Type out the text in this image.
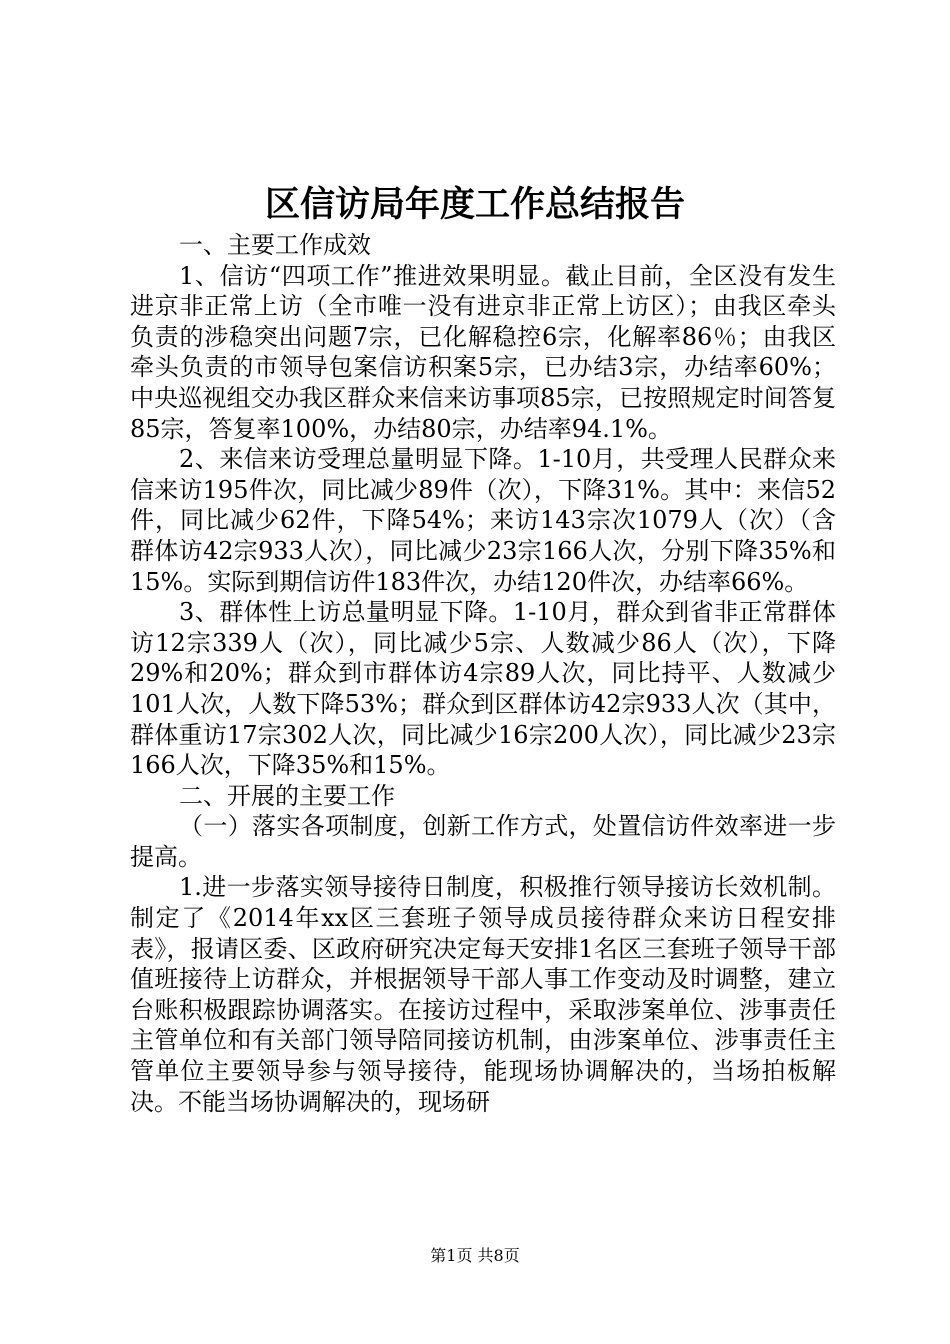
区信访局年度工作总结报告

一、主要工作成效

1、信访“四项工作”推进效果明显。截止目前，全区没有发生进京非正常上访（全市唯一没有进京非正常上访区）；由我区牵头负责的涉稳突出问题7宗，已化解稳控6宗，化解率86％；由我区牵头负责的市领导包案信访积案5宗，已办结3宗，办结率60%；中央巡视组交办我区群众来信来访事项85宗，已按照规定时间答复85宗，答复率100%，办结80宗，办结率94.1%。

2、来信来访受理总量明显下降。1-10月，共受理人民群众来信来访195件次，同比减少89件（次），下降31%。其中：来信52件，同比减少62件，下降54%；来访143宗次1079人（次）（含群体访42宗933人次），同比减少23宗166人次，分别下降35%和15%。实际到期信访件183件次，办结120件次，办结率66%。

3、群体性上访总量明显下降。1-10月，群众到省非正常群体访12宗339人（次），同比减少5宗、人数减少86人（次），下降29%和20%；群众到市群体访4宗89人次，同比持平、人数减少101人次，人数下降53%；群众到区群体访42宗933人次（其中，群体重访17宗302人次，同比减少16宗200人次），同比减少23宗166人次，下降35%和15%。

二、开展的主要工作

（一）落实各项制度，创新工作方式，处置信访件效率进一步提高。

1.进一步落实领导接待日制度，积极推行领导接访长效机制。制定了《2014年xx区三套班子领导成员接待群众来访日程安排表》，报请区委、区政府研究决定每天安排1名区三套班子领导干部值班接待上访群众，并根据领导干部人事工作变动及时调整，建立台账积极跟踪协调落实。在接访过程中，采取涉案单位、涉事责任主管单位和有关部门领导陪同接访机制，由涉案单位、涉事责任主管单位主要领导参与领导接待，能现场协调解决的，当场拍板解决。不能当场协调解决的，现场研

第1页 共8页
